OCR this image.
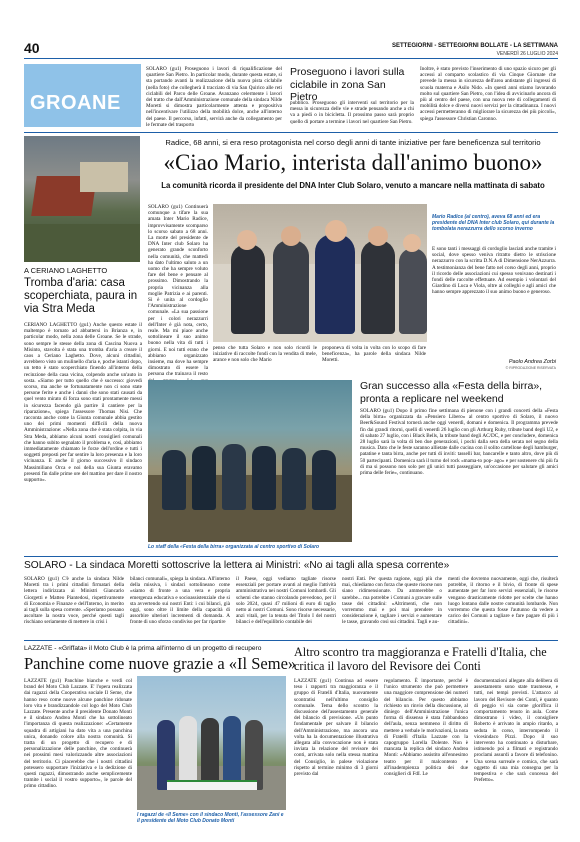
40	SETTEGIORNI - SETTEGIORNI BOLLATE - LA SETTIMANA
VENERDÌ 26 LUGLIO 2024
GROANE

SOLARO (gu1) Proseguono i lavori di riqualificazione del quartiere San Pietro. In particolar modo, durante questa estate, si sta portando avanti la realizzazione della nuova pista ciclabile (nella foto) che collegherà il tracciato di via San Quirico alle reti ciclabili del Parco delle Groane. Avanzano celermente i lavori del tratto che dall'Amministrazione comunale della sindaca Nilde Moretti si dimostra particolarmente attenta e propositiva nell'incentivare l'utilizzo della mobilità dolce, anche all'interno del paese. Il percorso, infatti, servirà anche da collegamento per le fermate del trasporto

Proseguono i lavori sulla ciclabile in zona San Pietro

pubblico. Proseguono gli interventi sul territorio per la messa in sicurezza delle vie e strade pensando anche a chi va a piedi o in bicicletta. Il prossimo passo sarà proprio quello di portare a termine i lavori nel quartiere San Pietro.

Inoltre, è stato previsto l'inserimento di uno spazio sicuro per gli accessi al comparto scolastico di via Cinque Giornate che prevede la messa in sicurezza dell'area antistante gli ingressi di scuola materna e Asilo Nido. «In questi anni stiamo lavorando molto sul quartiere San Pietro, con l'idea di avvicinarlo ancora di più al centro del paese, con una nuova rete di collegamenti di mobilità dolce e diversi nuovi servizi per la cittadinanza. I nuovi accessi permetteranno di migliorare la sicurezza dei più piccoli», spiega l'assessore Christian Caronno.

A CERIANO LAGHETTO
Tromba d'aria: casa scoperchiata, paura in via Stra Meda

CERIANO LAGHETTO (gu1) Anche questo estate il maltempo è tornato ad abbattersi in Brianza e, in particolar modo, nella zona delle Groane. Se le strade, sono sempre le stesse della zona di Cascina Nuova a Misinto, stavolta è stata una tromba d'aria a creare il caos a Ceriano Laghetto. Dove, alcuni cittadini, avrebbero visto un mulinello d'aria e, poche istanti dopo, un tetto è stato scoperchiato finendo all'interno della recinzione della casa vicina, colpendo anche un'auto in sosta. «Siamo per tutto quello che è successo: giovedì scorso, ma anche se fortunatamente non ci sono state persone ferite e anche i danni che sono stati causati da quel vento mirato di forza sono stati prontamente messi in sicurezza facendo già partire il cantiere per la riparazione», spiega l'assessore Thomas Nisi. Che racconta anche come la Giunta comunale abbia gestito uno dei primi momenti difficili della nuova Amministrazione: «Nella zona che è stata colpita, in via Stra Meda, abbiamo alcuni nostri consiglieri comunali che hanno subito segnalato il problema e, così, abbiamo immediatamente chiamato le forze dell'ordine e tutti i soggetti preposti per far sentire la loro presenza e la loro vicinanza. E anche il giorno successivo il sindaco Massimiliano Orca e noi della sua Giunta eravamo presenti fin dalle prime ore del mattino per dare il nostro supporto».

Radice, 68 anni, si era reso protagonista nel corso degli anni di tante iniziative per fare beneficenza sul territorio
«Ciao Mario, interista dall'animo buono»
La comunità ricorda il presidente del DNA Inter Club Solaro, venuto a mancare nella mattinata di sabato

SOLARO (gu1) Continuerà comunque a tifare la sua amata Inter Mario Radice, improvvisamente scomparso lo scorso sabato a 68 anni. La morte del presidente de DNA Inter club Solaro ha generato grande sconforto nella comunità, che mattedì ha dato l'ultimo saluto a un uomo che ha sempre voluto fare del bene e pensare al prossimo. Dimostrando la propria vicinanza alla moglie Patrizia e ai parenti. Si è unita al cordoglio l'Amministrazione comunale. «La sua passione per i colori nerazzurri dell'Inter è già nota, certo, reale. Ma mi piace anche sottolineare il suo animo buono nella vita di tutti i giorni. E noi tutti erano che abbiamo organizzato insieme, ma dove ha sempre dimostrato di essere la persona che trainava il resto

Mario Radice (al centro), aveva 68 anni ed era presidente del DNA Inter club Solaro, qui durante la tombolata nerazzurra dello scorso inverno

penso che tutta Solaro e non solo ricordi le iniziative di raccolte fondi con la vendita di mele, arance e non solo che Mario

proponeva di volta in volta con lo scopo di fare beneficenza», ha parole della sindaca Nilde Moretti.

E sono tanti i messaggi di cordoglio lasciati anche tramite i social, dove spesso veniva ritratto dietro le striscione nerazzurro con la scritta D.N.A di Dimensione NerAzzurra. A testimonianza del bene fatto nel corso degli anni, proprio il ricordo delle associazioni cui spesso venivano destinati i fondi delle raccolte effettuate. Ad esempio i volontari del Giardino di Luca e Viola, oltre ai colleghi e agli amici che hanno sempre apprezzato il suo animo buono e generoso.

Paolo Andrea Zorbi
© RIPRODUZIONE RISERVATA
Lo staff della «Festa della birra» organizzata al centro sportivo di Solaro
Gran successo alla «Festa della birra», pronta a replicare nel weekend

SOLARO (gu1) Dopo il primo fine settimana di pienone con i grandi concerti della «Festa della birra» organizzata da «Pensiero Libero» al centro sportivo di Solaro, il nuovo Beer&Sound Festival tornerà anche oggi venerdì, domani e domenica. Il programma prevede fin dai grandi ritorni, quelli di venerdì 26 luglio con gli Arthurg Ruby, tribute band degli U2, e di sabato 27 luglio, con i Black Bells, la tribute band degli AC/DC, e per concludere, domenica 28 luglio sarà la volta di ben due generazioni, i pochi dalla sera della serata nel segno della musica. Dato che le feste saranno allietate dalle cucina con il solito cartellone degli hamburger, patatine e tanta birra, anche per tutti di inviti: tasselli bar, bancarelle e tanto altro, dove più di 50 partecipanti. Domenica sarà il turno del rock «mama-to pop- ago» e per sostenere chi più fa di ma si possono non solo per gli unici tutti passeggiare, un'occasione per salutare gli amici prima delle ferie», continuano.

SOLARO - La sindaca Moretti sottoscrive la lettera ai Ministri: «No ai tagli alla spesa corrente»

SOLARO (gu1) C'è anche la sindaca Nilde Moretti tra i primi cittadini firmatari della lettera indirizzata ai Ministri Giancarlo Giorgetti e Matteo Piantedosi, rispettivamente di Economia e Finanze e dell'Interno, in merito ai tagli sulla spesa corrente. «Speriamo possano ascoltare la nostra voce, perché questi tagli rischiano seriamente di mettere in crisi i

bilanci comunali», spiega la sindaca. All'interno della missiva, i sindaci sottolineano come «siamo di fronte a una vera e propria emergenza educativa e socioassistenziale che si sta avvertendo sui nostri Enti: i cui bilanci, già oggi, sono oltre il limite della capacità di assorbire ulteriori incrementi di domanda. A fronte di uno sforzo condiviso per far ripartire

il Paese, oggi vediamo tagliate risorse essenziali per portare avanti al meglio l'attività amministrativa nei nostri Comuni lombardi. Gli schemi che stanno circolando prevedono, per il solo 2024, quasi 47 milioni di euro di taglio netto ai nostri Comuni. Sono risorse necessarie, anzi vitali, per la tenuta del Titolo I del nostri bilanci e dell'equilibrio contabile dei

nostri Enti. Per questa ragione, oggi più che mai, chiediamo con forza che queste risorse non siano ridimensionate. Da ammerebbe o sarebbe... ma potrebbe i Comuni a gravare sulle tasse dei cittadini: «Altrimenti, che non vorremmo mai e poi mai prendere in considerazione è, tagliare i servizi e aumentare le tasse, gravando così sui cittadini. Tagli e au-

menti che dovremo nuovamente, oggi che, risulterà potrebbe, il ritorno e il bivio, di fronte di spese aumentate per far loro servizi essenziali, le risorse vengano drasticamente ridotte per scelte che hanno luogo lontano dalle nostre comunità lombarde. Non vorremmo che questa fosse l'autunno da vedere a carico dei Comuni a tagliare e fare pagare di più i cittadini».

LAZZATE - «Griffata» il Moto Club è la prima all'interno di un progetto di recupero
Panchine come nuove grazie a «Il Seme»

LAZZATE (gu1) Panchine bianche e verdi col brand del Moto Club Lazzate. E' l'opera realizzata dai ragazzi della Cooperativa sociale Il Seme, che hanno reso come nuove alcune panchine ridonate loro vita e brandizzandole col logo del Moto Club Lazzate. Presente anche il presidente Donato Monti e il sindaco Andrea Monti che ha sottolineato l'importanza di questa realizzazione: «Certamente squadra di artigiani ha dato vita a una panchina unica, donando colore alla nostra comunità. Si tratta di un progetto di recupero e di personalizzazione delle panchine, che continuerà nei prossimi mesi valorizzando altre associazioni del territorio. Ci piacerebbe che i nostri cittadini potessero supportare l'iniziativa e la dedizione di questi ragazzi, dimostrando anche semplicemente tramite i social il vostro supporto», le parole del primo cittadino.

I ragazzi de «Il Seme» con il sindaco Monti, l'assessore Zani e il presidente del Moto Club Donato Monti
Altro scontro tra maggioranza e Fratelli d'Italia, che critica il lavoro del Revisore dei Conti

LAZZATE (gu1) Continua ad essere teso i rapporti tra maggioranza e il gruppo di Fratelli d'Italia, nuovamente scontratisi nell'ultimo consiglio comunale. Tema dello scontro la discussione dell'assestamento generale del bilancio di previsione. «Un punto fondamentale per salvare il bilancio dell'Amministrazione, ma ancora una volta ha la documentazione illustrativa allegata alla convocazione non è stata inviata la relazione del revisore dei conti, arrivata solo nella stessa mattina del Consiglio, in palese violazione rispetto al termine minimo di 3 giorni previsto dal

regolamento. È importante, perché è l'unico strumento che può permettere una maggiore comprensione dei numeri del bilancio. Per questo abbiamo richiesto un rinvio della discussione, al diniego dell'Amministrazione l'unica forma di dissenso è stata l'abbandono dell'aula, senza nemmeno il diritto di mettere a verbale le motivazioni, la nota di Fratelli d'Italia Lazzate con la capogruppo Lorella Dolente. Non è mancata la replica del sindaco Andrea Monti: «Abbiamo assistito all'ennesimo teatro per il malcontento e all'inadempienza politica dei due consiglieri di FdI. Le

documentazioni allegate alla delibera di assestamento sono state trasmesse, e tutti, nei tempi previsti. L'attacco al lavoro del Revisore dei Conti, è quanto di peggio vi sia come gloriflica il comportamento tenuto in aula. Come dimostrano i video, il consigliere Roberto è arrivato in ampio ritardo, a seduta in corso, interrompendo il vicesindaco Pizzi. Dopo il suo intervento ha continuato a disturbare, istituendo poi a filmati e registrando proclami assurdi a favore di telefonino. Una scena surreale e comica, che sarà oggetto di una mia consegna per la tempestiva e che sarà concessa del Prefetto».
